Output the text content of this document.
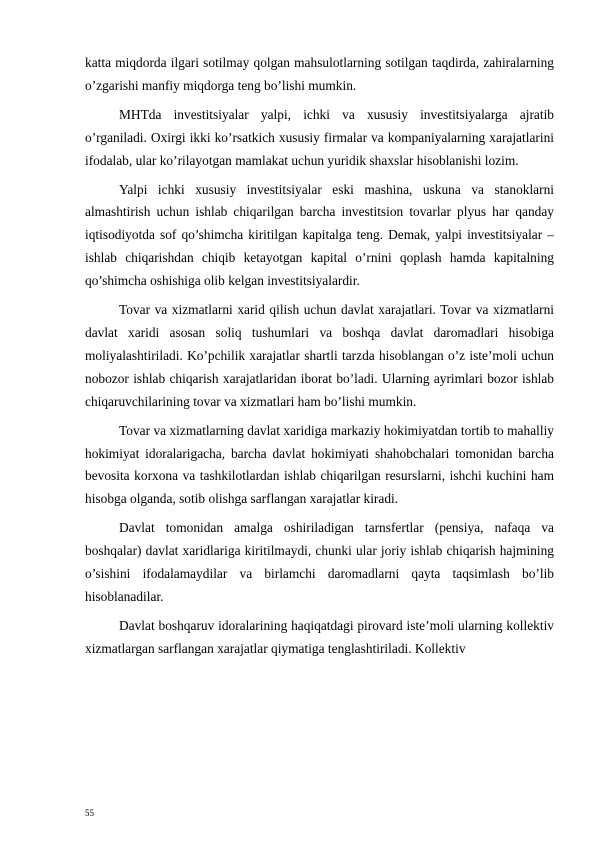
katta miqdorda ilgari sotilmay qolgan mahsulotlarning sotilgan taqdirda, zahiralarning o’zgarishi manfiy miqdorga teng bo’lishi mumkin.

MHTda investitsiyalar yalpi, ichki va xususiy investitsiyalarga ajratib o’rganiladi. Oxirgi ikki ko’rsatkich xususiy firmalar va kompaniyalarning xarajatlarini ifodalab, ular ko’rilayotgan mamlakat uchun yuridik shaxslar hisoblanishi lozim.

Yalpi ichki xususiy investitsiyalar eski mashina, uskuna va stanoklarni almashtirish uchun ishlab chiqarilgan barcha investitsion tovarlar plyus har qanday iqtisodiyotda sof qo’shimcha kiritilgan kapitalga teng. Demak, yalpi investitsiyalar – ishlab chiqarishdan chiqib ketayotgan kapital o’rnini qoplash hamda kapitalning qo’shimcha oshishiga olib kelgan investitsiyalardir.

Tovar va xizmatlarni xarid qilish uchun davlat xarajatlari. Tovar va xizmatlarni davlat xaridi asosan soliq tushumlari va boshqa davlat daromadlari hisobiga moliyalashtiriladi. Ko’pchilik xarajatlar shartli tarzda hisoblangan o’z iste’moli uchun nobozor ishlab chiqarish xarajatlaridan iborat bo’ladi. Ularning ayrimlari bozor ishlab chiqaruvchilarining tovar va xizmatlari ham bo’lishi mumkin.

Tovar va xizmatlarning davlat xaridiga markaziy hokimiyatdan tortib to mahalliy hokimiyat idoralarigacha, barcha davlat hokimiyati shahobchalari tomonidan barcha bevosita korxona va tashkilotlardan ishlab chiqarilgan resurslarni, ishchi kuchini ham hisobga olganda, sotib olishga sarflangan xarajatlar kiradi.

Davlat tomonidan amalga oshiriladigan tarnsfertlar (pensiya, nafaqa va boshqalar) davlat xaridlariga kiritilmaydi, chunki ular joriy ishlab chiqarish hajmining o’sishini ifodalamaydilar va birlamchi daromadlarni qayta taqsimlash bo’lib hisoblanadilar.

Davlat boshqaruv idoralarining haqiqatdagi pirovard iste’moli ularning kollektiv xizmatlargan sarflangan xarajatlar qiymatiga tenglashtiriladi. Kollektiv

55
